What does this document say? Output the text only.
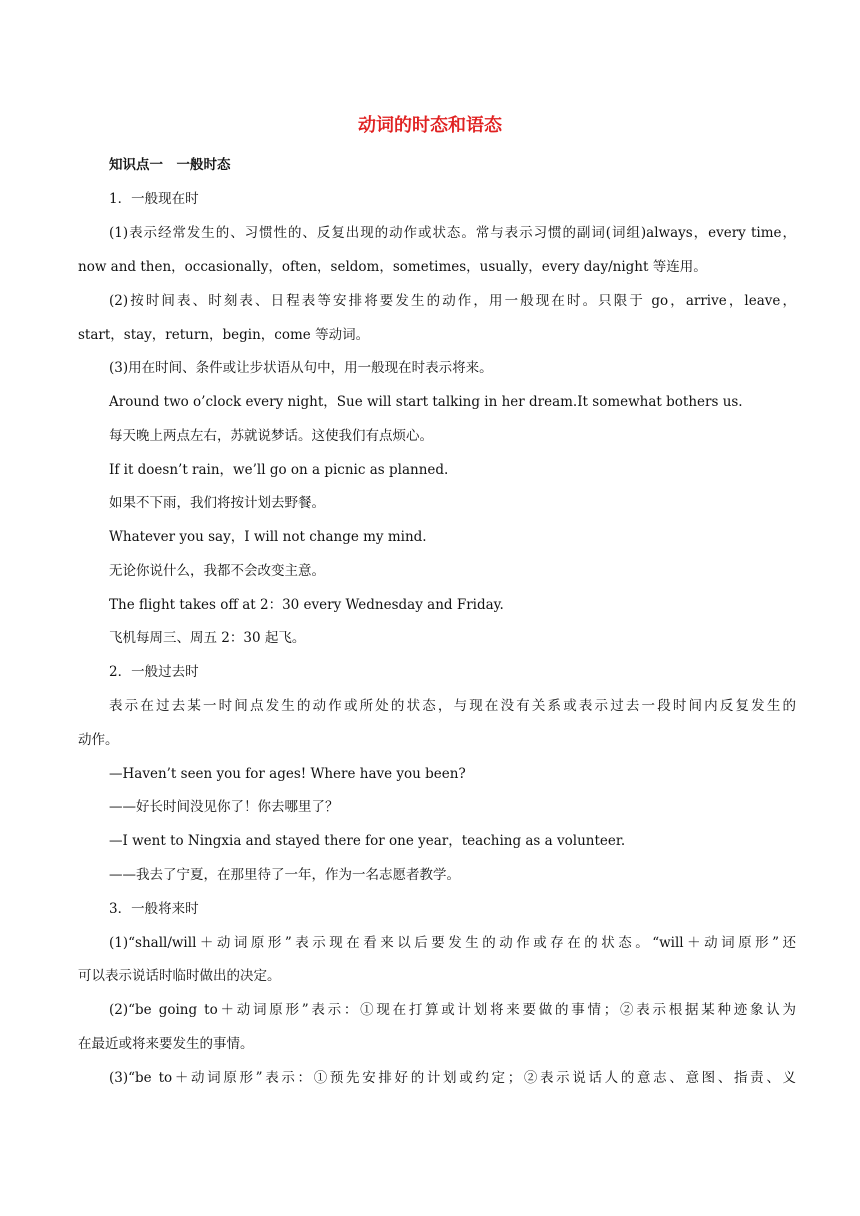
动词的时态和语态
知识点一　一般时态
1．一般现在时
(1)表示经常发生的、习惯性的、反复出现的动作或状态。常与表示习惯的副词(词组)always，every time，
now and then，occasionally，often，seldom，sometimes，usually，every day/night 等连用。
(2)按时间表、时刻表、日程表等安排将要发生的动作，用一般现在时。只限于 go，arrive，leave，
start，stay，return，begin，come 等动词。
(3)用在时间、条件或让步状语从句中，用一般现在时表示将来。
Around two o’clock every night，Sue will start talking in her dream.It somewhat bothers us.
每天晚上两点左右，苏就说梦话。这使我们有点烦心。
If it doesn’t rain，we’ll go on a picnic as planned.
如果不下雨，我们将按计划去野餐。
Whatever you say，I will not change my mind.
无论你说什么，我都不会改变主意。
The flight takes off at 2：30 every Wednesday and Friday.
飞机每周三、周五 2：30 起飞。
2．一般过去时
表示在过去某一时间点发生的动作或所处的状态，与现在没有关系或表示过去一段时间内反复发生的
动作。
—Haven’t seen you for ages! Where have you been?
——好长时间没见你了！你去哪里了？
—I went to Ningxia and stayed there for one year，teaching as a volunteer.
——我去了宁夏，在那里待了一年，作为一名志愿者教学。
3．一般将来时
(1)“shall/will＋动词原形”表示现在看来以后要发生的动作或存在的状态。“will＋动词原形”还
可以表示说话时临时做出的决定。
(2)“be going to＋动词原形”表示：①现在打算或计划将来要做的事情；②表示根据某种迹象认为
在最近或将来要发生的事情。
(3)“be to＋动词原形”表示：①预先安排好的计划或约定；②表示说话人的意志、意图、指责、义
